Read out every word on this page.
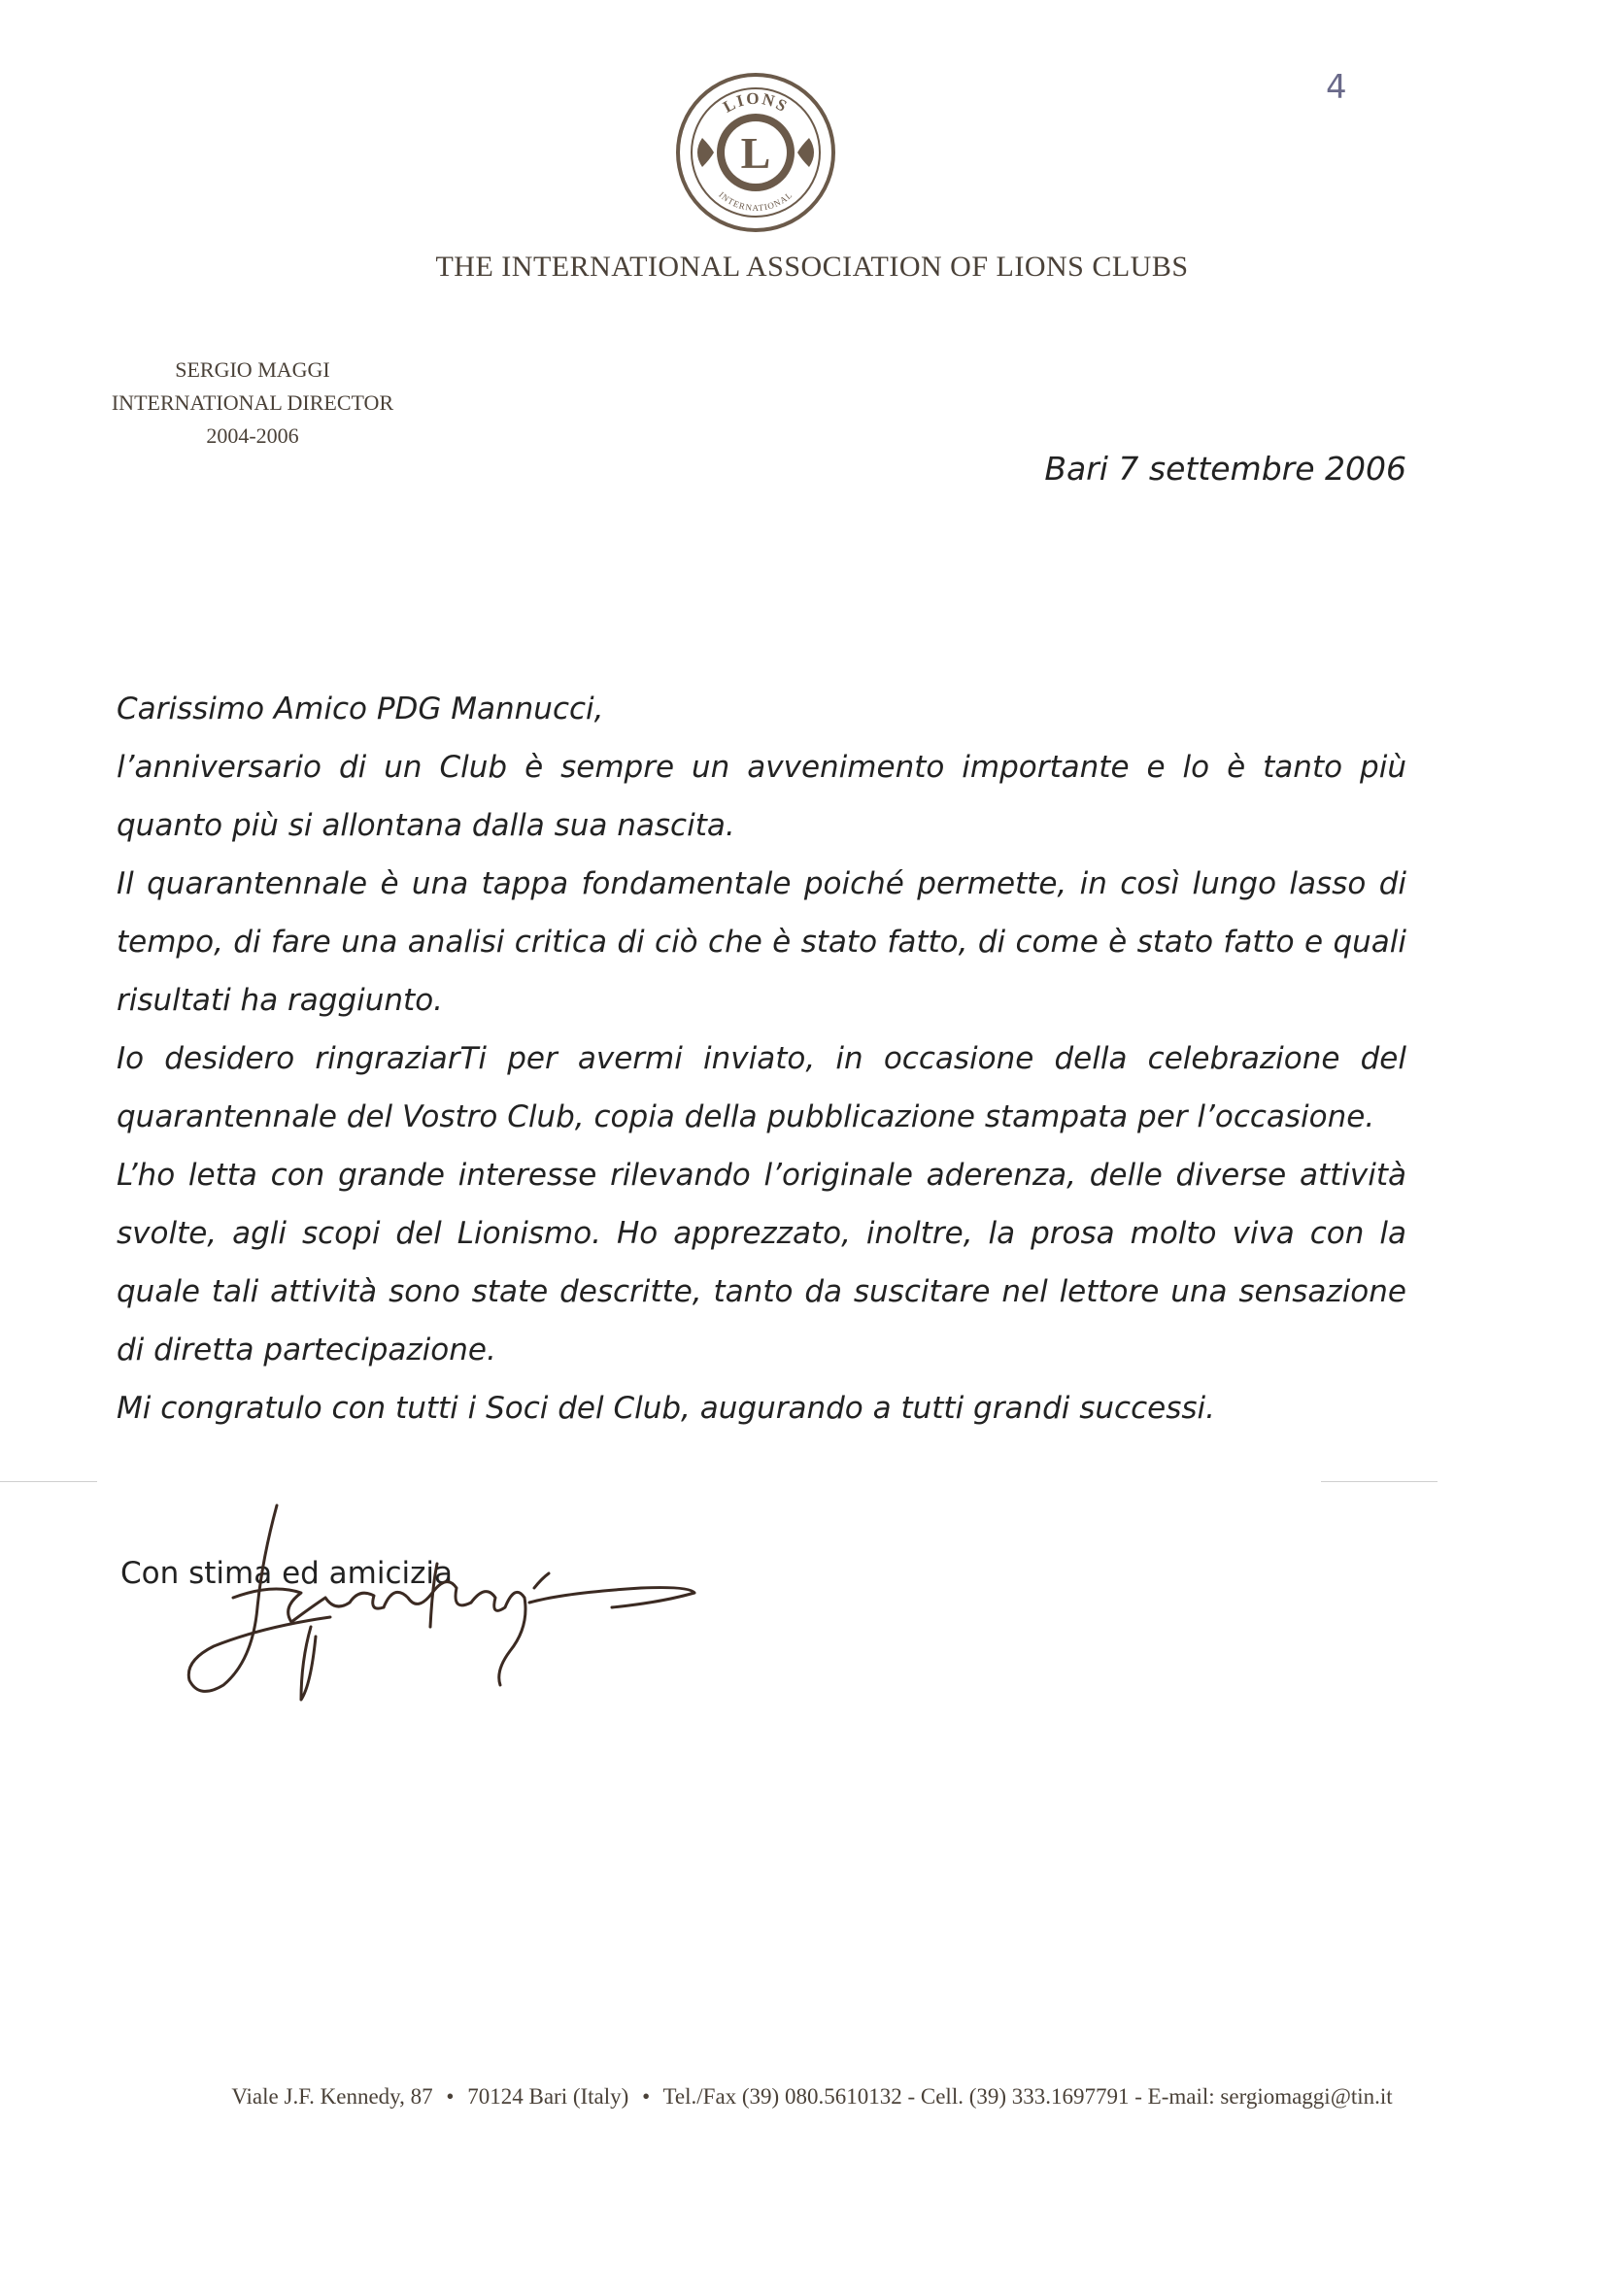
4
L
LIONS
INTERNATIONAL
THE INTERNATIONAL ASSOCIATION OF LIONS CLUBS
SERGIO MAGGI
INTERNATIONAL DIRECTOR
2004-2006
Bari 7 settembre 2006

Carissimo Amico PDG Mannucci,

l’anniversario di un Club è sempre un avvenimento importante e lo è tanto più quanto più si allontana dalla sua nascita.

Il quarantennale è una tappa fondamentale poiché permette, in così lungo lasso di tempo, di fare una analisi critica di ciò che è stato fatto, di come è stato fatto e quali risultati ha raggiunto.

Io desidero ringraziarTi per avermi inviato, in occasione della celebrazione del quarantennale del Vostro Club, copia della pubblicazione stampata per l’occasione.

L’ho letta con grande interesse rilevando l’originale aderenza, delle diverse attività svolte, agli scopi del Lionismo. Ho apprezzato, inoltre, la prosa molto viva con la quale tali attività sono state descritte, tanto da suscitare nel lettore una sensazione di diretta partecipazione.

Mi congratulo con tutti i Soci del Club, augurando a tutti grandi successi.

Con stima ed amicizia
Viale J.F. Kennedy, 87 • 70124 Bari (Italy) • Tel./Fax (39) 080.5610132 - Cell. (39) 333.1697791 - E-mail: sergiomaggi@tin.it
